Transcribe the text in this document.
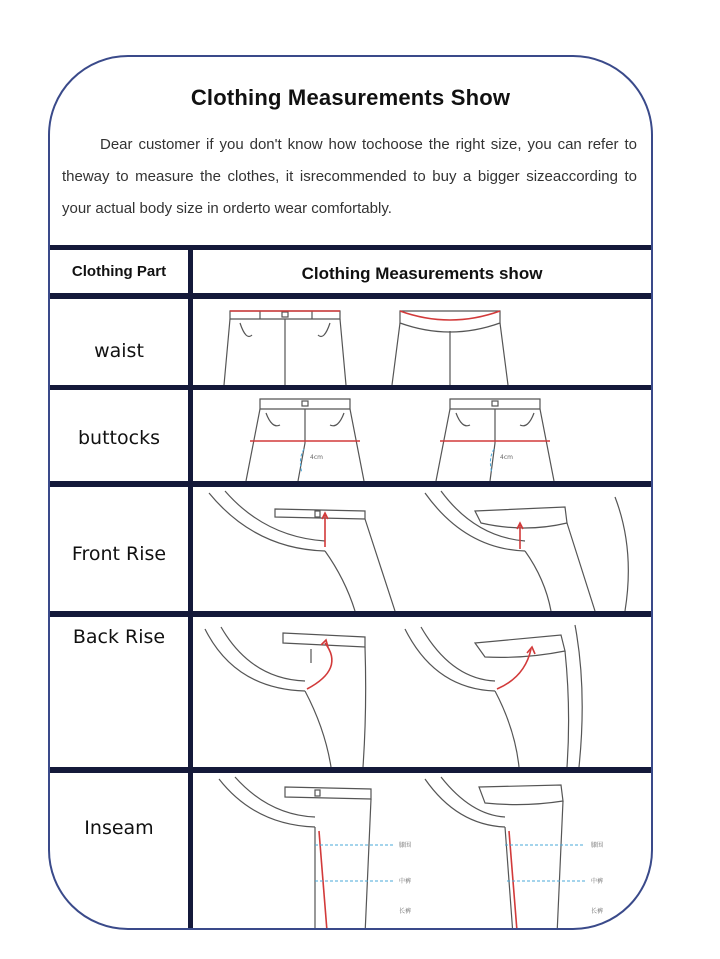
Clothing Measurements Show
Dear customer if you don't know how tochoose the right size, you can refer to theway to measure the clothes, it isrecommended to buy a bigger sizeaccording to your actual body size in orderto wear comfortably.
Clothing Part	Clothing Measurements show
waist
buttocks
Front Rise
Back Rise
Inseam
4cm	4cm
膝围
中裤
长裤
膝围
中裤
长裤
